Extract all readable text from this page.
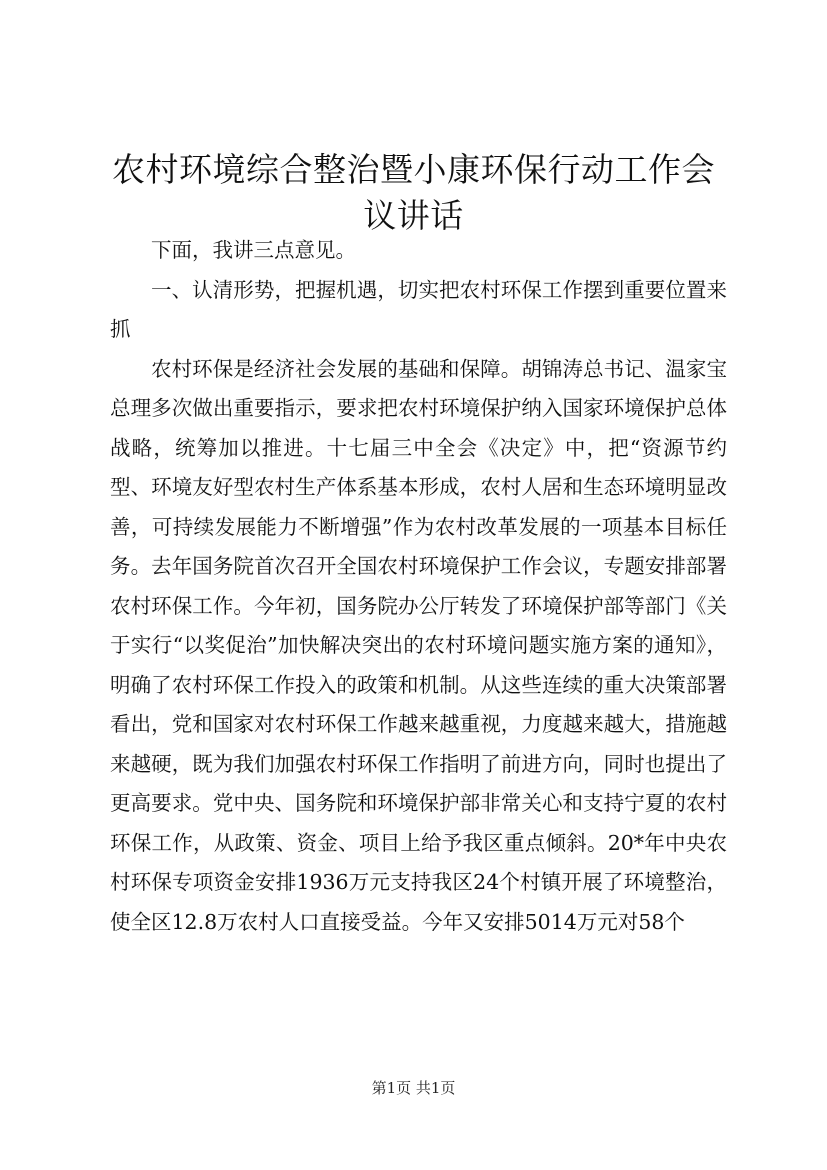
农村环境综合整治暨小康环保行动工作会议讲话

下面，我讲三点意见。

一、认清形势，把握机遇，切实把农村环保工作摆到重要位置来抓

农村环保是经济社会发展的基础和保障。胡锦涛总书记、温家宝总理多次做出重要指示，要求把农村环境保护纳入国家环境保护总体战略，统筹加以推进。十七届三中全会《决定》中，把“资源节约型、环境友好型农村生产体系基本形成，农村人居和生态环境明显改善，可持续发展能力不断增强”作为农村改革发展的一项基本目标任务。去年国务院首次召开全国农村环境保护工作会议，专题安排部署农村环保工作。今年初，国务院办公厅转发了环境保护部等部门《关于实行“以奖促治”加快解决突出的农村环境问题实施方案的通知》，明确了农村环保工作投入的政策和机制。从这些连续的重大决策部署看出，党和国家对农村环保工作越来越重视，力度越来越大，措施越来越硬，既为我们加强农村环保工作指明了前进方向，同时也提出了更高要求。党中央、国务院和环境保护部非常关心和支持宁夏的农村环保工作，从政策、资金、项目上给予我区重点倾斜。20*年中央农村环保专项资金安排1936万元支持我区24个村镇开展了环境整治，使全区12.8万农村人口直接受益。今年又安排5014万元对58个

第1页 共1页
